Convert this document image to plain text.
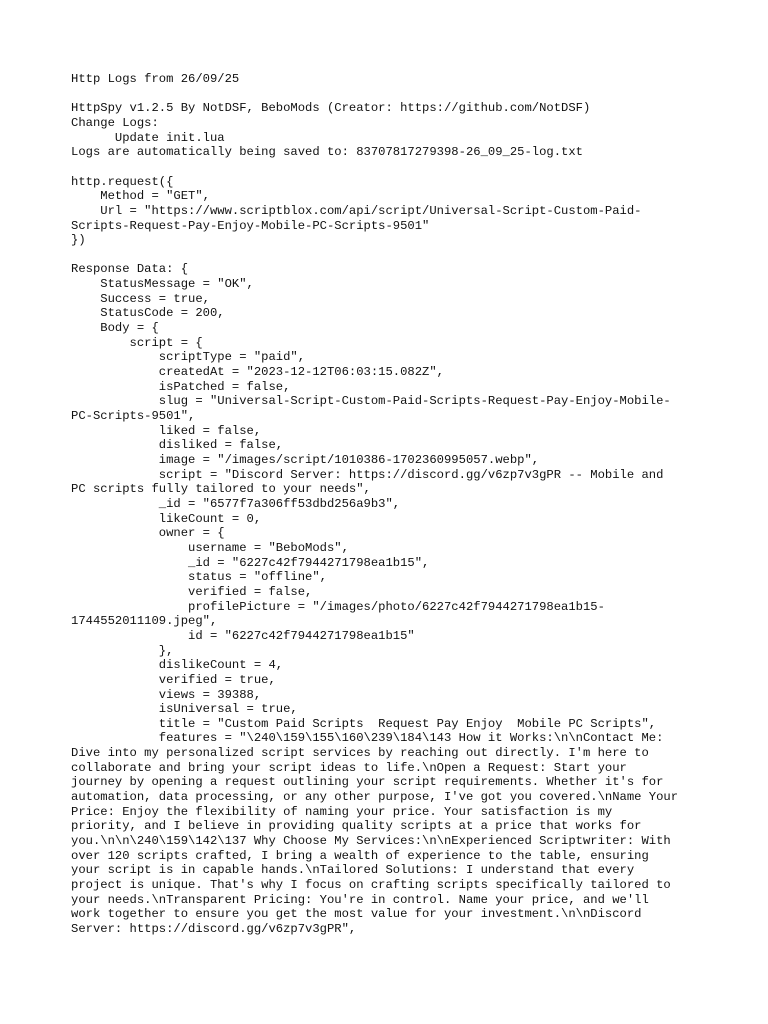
Http Logs from 26/09/25
HttpSpy v1.2.5 By NotDSF, BeboMods (Creator: https://github.com/NotDSF)
Change Logs:
Update init.lua
Logs are automatically being saved to: 83707817279398-26_09_25-log.txt
http.request({
Method = "GET",
Url = "https://www.scriptblox.com/api/script/Universal-Script-Custom-Paid-
Scripts-Request-Pay-Enjoy-Mobile-PC-Scripts-9501"
})
Response Data: {
StatusMessage = "OK",
Success = true,
StatusCode = 200,
Body = {
script = {
scriptType = "paid",
createdAt = "2023-12-12T06:03:15.082Z",
isPatched = false,
slug = "Universal-Script-Custom-Paid-Scripts-Request-Pay-Enjoy-Mobile-
PC-Scripts-9501",
liked = false,
disliked = false,
image = "/images/script/1010386-1702360995057.webp",
script = "Discord Server: https://discord.gg/v6zp7v3gPR -- Mobile and
PC scripts fully tailored to your needs",
_id = "6577f7a306ff53dbd256a9b3",
likeCount = 0,
owner = {
username = "BeboMods",
_id = "6227c42f7944271798ea1b15",
status = "offline",
verified = false,
profilePicture = "/images/photo/6227c42f7944271798ea1b15-
1744552011109.jpeg",
id = "6227c42f7944271798ea1b15"
},
dislikeCount = 4,
verified = true,
views = 39388,
isUniversal = true,
title = "Custom Paid Scripts  Request Pay Enjoy  Mobile PC Scripts",
features = "\240\159\155\160\239\184\143 How it Works:\n\nContact Me:
Dive into my personalized script services by reaching out directly. I'm here to
collaborate and bring your script ideas to life.\nOpen a Request: Start your
journey by opening a request outlining your script requirements. Whether it's for
automation, data processing, or any other purpose, I've got you covered.\nName Your
Price: Enjoy the flexibility of naming your price. Your satisfaction is my
priority, and I believe in providing quality scripts at a price that works for
you.\n\n\240\159\142\137 Why Choose My Services:\n\nExperienced Scriptwriter: With
over 120 scripts crafted, I bring a wealth of experience to the table, ensuring
your script is in capable hands.\nTailored Solutions: I understand that every
project is unique. That's why I focus on crafting scripts specifically tailored to
your needs.\nTransparent Pricing: You're in control. Name your price, and we'll
work together to ensure you get the most value for your investment.\n\nDiscord
Server: https://discord.gg/v6zp7v3gPR",
